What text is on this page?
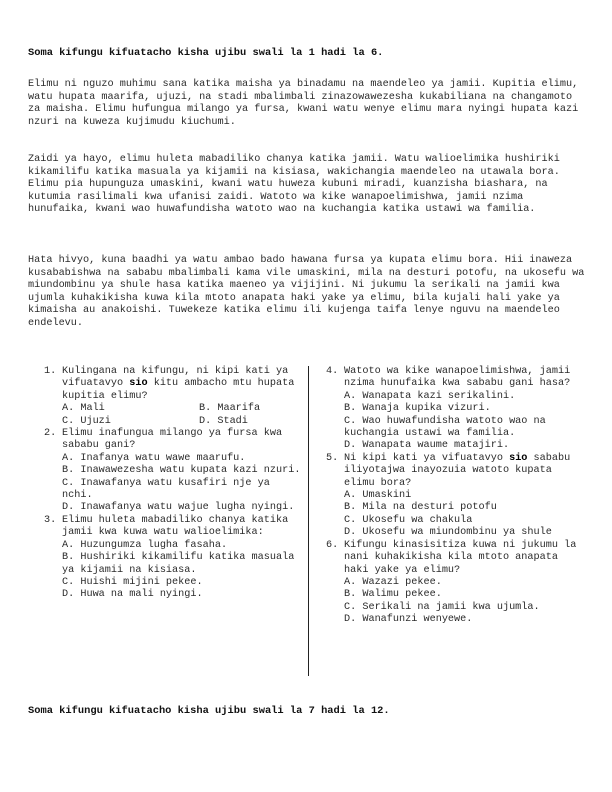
Soma kifungu kifuatacho kisha ujibu swali la 1 hadi la 6.

Elimu ni nguzo muhimu sana katika maisha ya binadamu na maendeleo ya jamii. Kupitia elimu, watu hupata maarifa, ujuzi, na stadi mbalimbali zinazowawezesha kukabiliana na changamoto za maisha. Elimu hufungua milango ya fursa, kwani watu wenye elimu mara nyingi hupata kazi nzuri na kuweza kujimudu kiuchumi.

Zaidi ya hayo, elimu huleta mabadiliko chanya katika jamii. Watu walioelimika hushiriki kikamilifu katika masuala ya kijamii na kisiasa, wakichangia maendeleo na utawala bora. Elimu pia hupunguza umaskini, kwani watu huweza kubuni miradi, kuanzisha biashara, na kutumia rasilimali kwa ufanisi zaidi. Watoto wa kike wanapoelimishwa, jamii nzima hunufaika, kwani wao huwafundisha watoto wao na kuchangia katika ustawi wa familia.

Hata hivyo, kuna baadhi ya watu ambao bado hawana fursa ya kupata elimu bora. Hii inaweza kusababishwa na sababu mbalimbali kama vile umaskini, mila na desturi potofu, na ukosefu wa miundombinu ya shule hasa katika maeneo ya vijijini. Ni jukumu la serikali na jamii kwa ujumla kuhakikisha kuwa kila mtoto anapata haki yake ya elimu, bila kujali hali yake ya kimaisha au anakoishi. Tuwekeze katika elimu ili kujenga taifa lenye nguvu na maendeleo endelevu.

1. Kulingana na kifungu, ni kipi kati ya vifuatavyo sio kitu ambacho mtu hupata kupitia elimu?
A. Mali	B. Maarifa
C. Ujuzi	D. Stadi
2. Elimu inafungua milango ya fursa kwa sababu gani?
A. Inafanya watu wawe maarufu.
B. Inawawezesha watu kupata kazi nzuri.
C. Inawafanya watu kusafiri nje ya nchi.
D. Inawafanya watu wajue lugha nyingi.
3. Elimu huleta mabadiliko chanya katika jamii kwa kuwa watu walioelimika:
A. Huzungumza lugha fasaha.
B. Hushiriki kikamilifu katika masuala ya kijamii na kisiasa.
C. Huishi mijini pekee.
D. Huwa na mali nyingi.
4. Watoto wa kike wanapoelimishwa, jamii nzima hunufaika kwa sababu gani hasa?
A. Wanapata kazi serikalini.
B. Wanaja kupika vizuri.
C. Wao huwafundisha watoto wao na kuchangia ustawi wa familia.
D. Wanapata waume matajiri.
5. Ni kipi kati ya vifuatavyo sio sababu iliyotajwa inayozuia watoto kupata elimu bora?
A. Umaskini
B. Mila na desturi potofu
C. Ukosefu wa chakula
D. Ukosefu wa miundombinu ya shule
6. Kifungu kinasisitiza kuwa ni jukumu la nani kuhakikisha kila mtoto anapata haki yake ya elimu?
A. Wazazi pekee.
B. Walimu pekee.
C. Serikali na jamii kwa ujumla.
D. Wanafunzi wenyewe.
Soma kifungu kifuatacho kisha ujibu swali la 7 hadi la 12.
